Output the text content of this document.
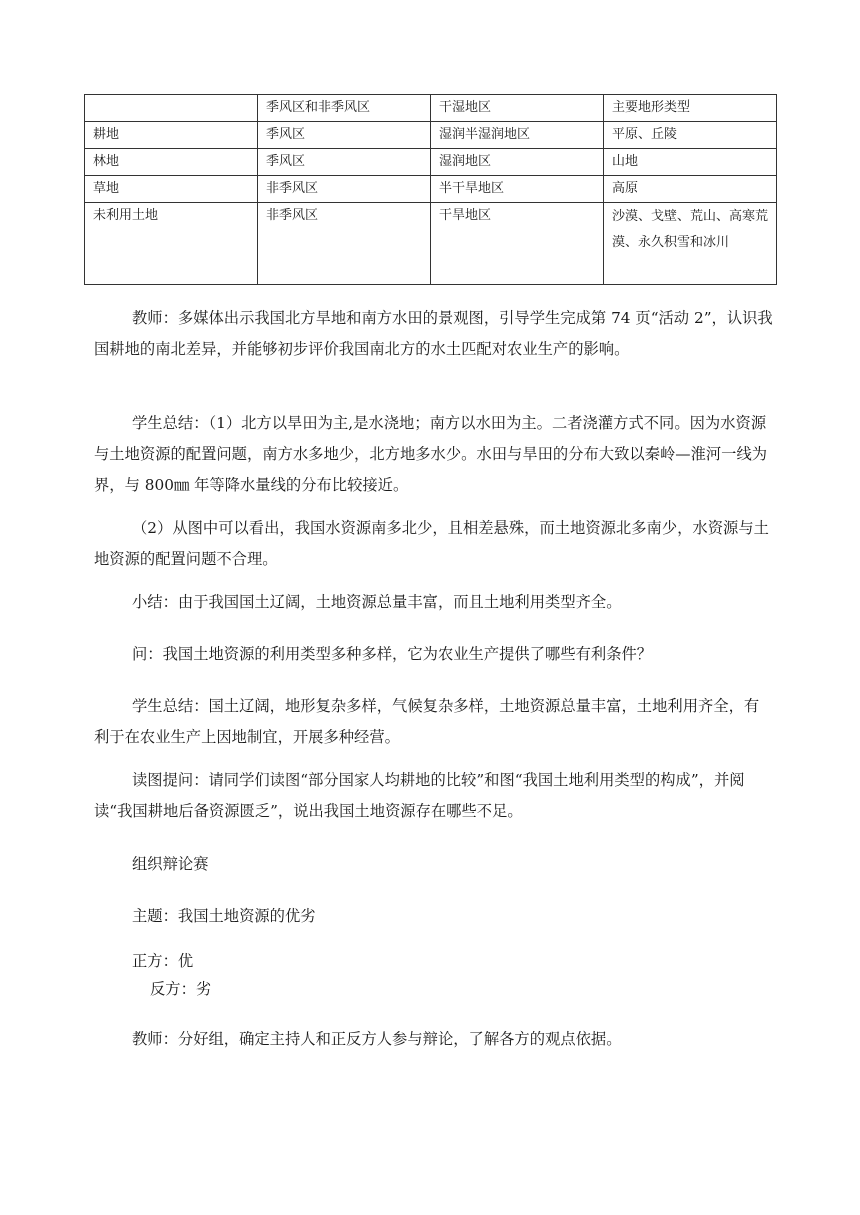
	季风区和非季风区	干湿地区	主要地形类型
耕地	季风区	湿润半湿润地区	平原、丘陵
林地	季风区	湿润地区	山地
草地	非季风区	半干旱地区	高原
未利用土地	非季风区	干旱地区	沙漠、戈壁、荒山、高寒荒漠、永久积雪和冰川

教师：多媒体出示我国北方旱地和南方水田的景观图，引导学生完成第 74 页“活动 2”，认识我国耕地的南北差异，并能够初步评价我国南北方的水土匹配对农业生产的影响。

学生总结：（1）北方以旱田为主,是水浇地；南方以水田为主。二者浇灌方式不同。因为水资源与土地资源的配置问题，南方水多地少，北方地多水少。水田与旱田的分布大致以秦岭—淮河一线为界，与 800㎜ 年等降水量线的分布比较接近。

（2）从图中可以看出，我国水资源南多北少，且相差悬殊，而土地资源北多南少，水资源与土地资源的配置问题不合理。

小结：由于我国国土辽阔，土地资源总量丰富，而且土地利用类型齐全。

问：我国土地资源的利用类型多种多样，它为农业生产提供了哪些有利条件？

学生总结：国土辽阔，地形复杂多样，气候复杂多样，土地资源总量丰富，土地利用齐全，有利于在农业生产上因地制宜，开展多种经营。

读图提问：请同学们读图“部分国家人均耕地的比较”和图“我国土地利用类型的构成”，并阅读“我国耕地后备资源匮乏”，说出我国土地资源存在哪些不足。

组织辩论赛

主题：我国土地资源的优劣

正方：优

反方：劣

教师：分好组，确定主持人和正反方人参与辩论，了解各方的观点依据。
